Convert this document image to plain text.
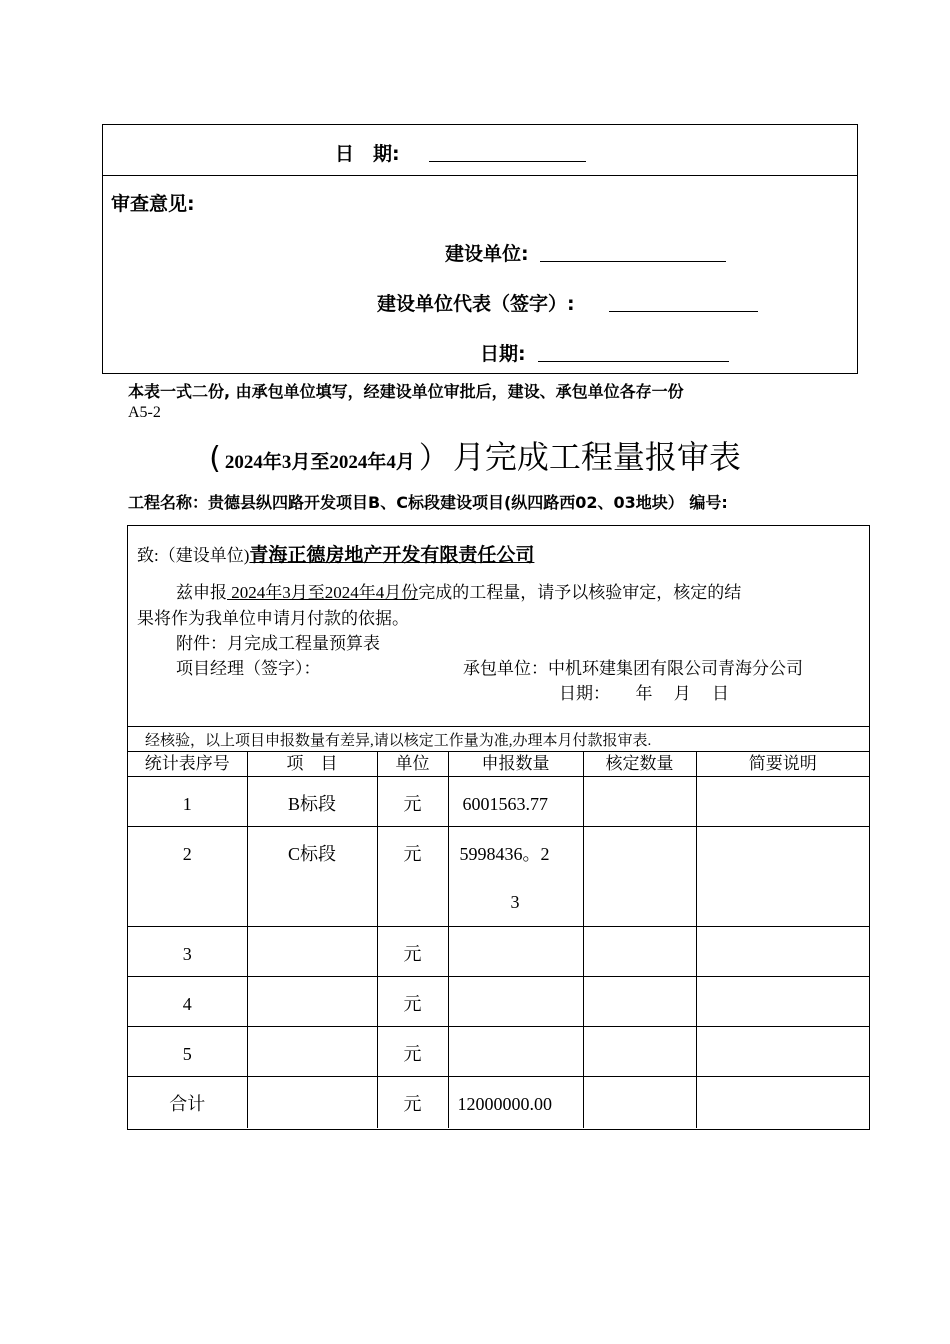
日　期:
审查意见:
建设单位:
建设单位代表（签字）:
日期:
本表一式二份, 由承包单位填写，经建设单位审批后，建设、承包单位各存一份
A5-2
( 2024年3月至2024年4月 ） 月完成工程量报审表
工程名称：贵德县纵四路开发项目B、C标段建设项目(纵四路西02、03地块） 编号:
致:（建设单位)青海正德房地产开发有限责任公司
兹申报 2024年3月至2024年4月份完成的工程量，请予以核验审定，核定的结
果将作为我单位申请月付款的依据。
附件：月完成工程量预算表
项目经理（签字）：	承包单位：中机环建集团有限公司青海分公司
日期：　　年　 月　 日
经核验，以上项目申报数量有差异,请以核定工作量为准,办理本月付款报审表.
统计表序号	项　目	单位	申报数量	核定数量	简要说明

1	B标段	元	6001563.77		

2	C标段	元	5998436。2
3		

3		元			

4		元			

5		元			

合计		元	12000000.00		
